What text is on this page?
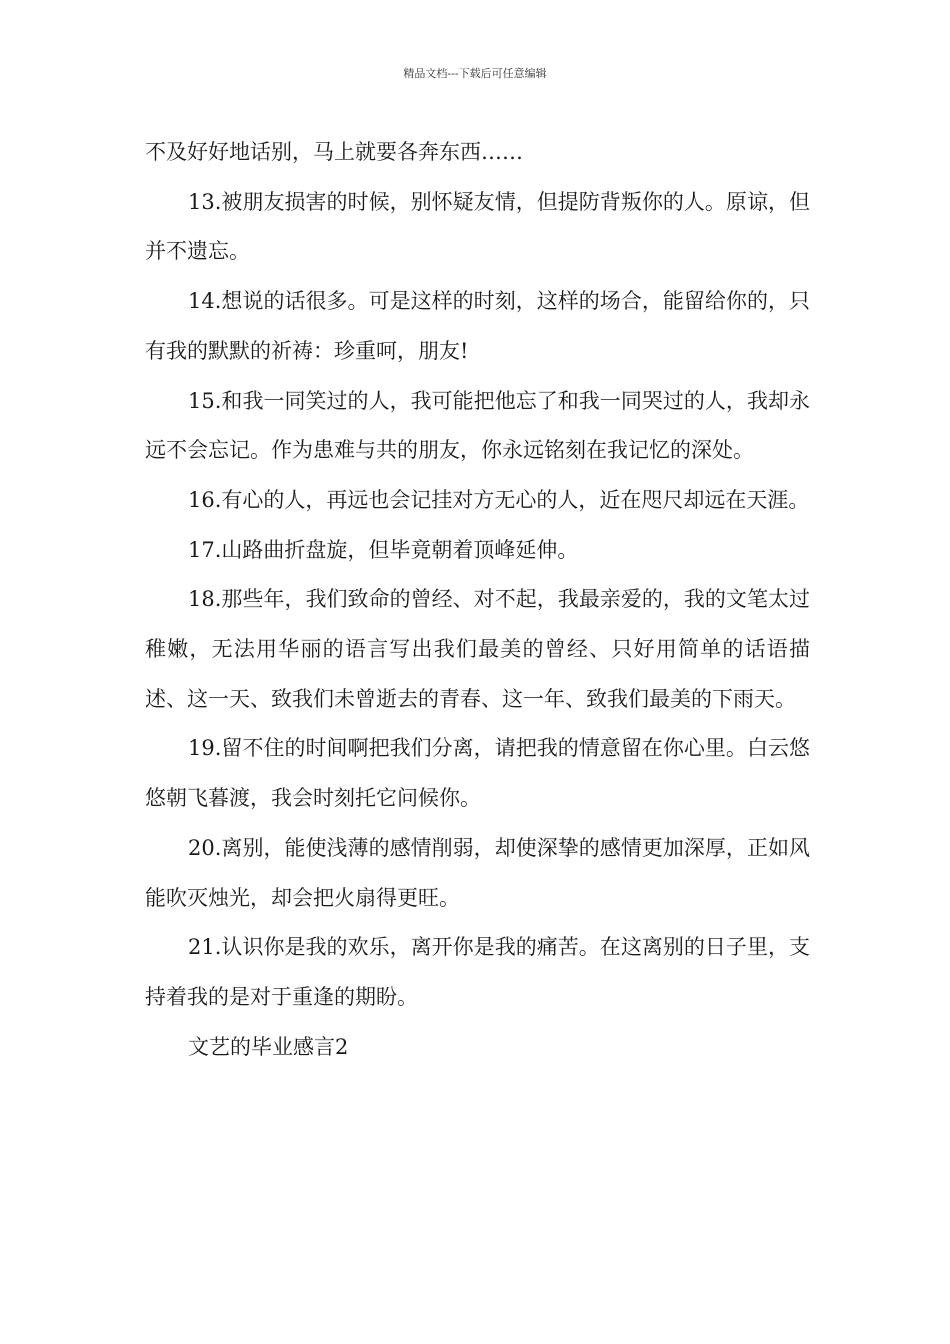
精品文档---下载后可任意编辑

不及好好地话别，马上就要各奔东西……

13.被朋友损害的时候，别怀疑友情，但提防背叛你的人。原谅，但并不遗忘。

14.想说的话很多。可是这样的时刻，这样的场合，能留给你的，只有我的默默的祈祷：珍重呵，朋友!

15.和我一同笑过的人，我可能把他忘了和我一同哭过的人，我却永远不会忘记。作为患难与共的朋友，你永远铭刻在我记忆的深处。

16.有心的人，再远也会记挂对方无心的人，近在咫尺却远在天涯。

17.山路曲折盘旋，但毕竟朝着顶峰延伸。

18.那些年，我们致命的曾经、对不起，我最亲爱的，我的文笔太过稚嫩，无法用华丽的语言写出我们最美的曾经、只好用简单的话语描述、这一天、致我们未曾逝去的青春、这一年、致我们最美的下雨天。

19.留不住的时间啊把我们分离，请把我的情意留在你心里。白云悠悠朝飞暮渡，我会时刻托它问候你。

20.离别，能使浅薄的感情削弱，却使深挚的感情更加深厚，正如风能吹灭烛光，却会把火扇得更旺。

21.认识你是我的欢乐，离开你是我的痛苦。在这离别的日子里，支持着我的是对于重逢的期盼。

文艺的毕业感言2
